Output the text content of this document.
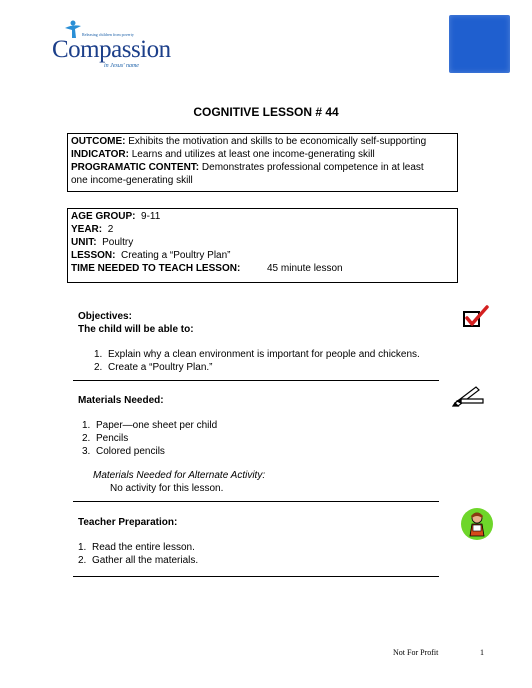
Releasing children from poverty
Compassion
in Jesus' name
COGNITIVE LESSON # 44
OUTCOME: Exhibits the motivation and skills to be economically self-supporting
INDICATOR: Learns and utilizes at least one income-generating skill
PROGRAMATIC CONTENT: Demonstrates professional competence in at least
one income-generating skill
AGE GROUP: 9-11
YEAR: 2
UNIT: Poultry
LESSON: Creating a “Poultry Plan”
TIME NEEDED TO TEACH LESSON:	45 minute lesson
Objectives:
The child will be able to:
1. Explain why a clean environment is important for people and chickens.
2. Create a “Poultry Plan.”
Materials Needed:
1. Paper—one sheet per child
2. Pencils
3. Colored pencils
Materials Needed for Alternate Activity:
No activity for this lesson.
Teacher Preparation:
1. Read the entire lesson.
2. Gather all the materials.
Not For Profit	1
